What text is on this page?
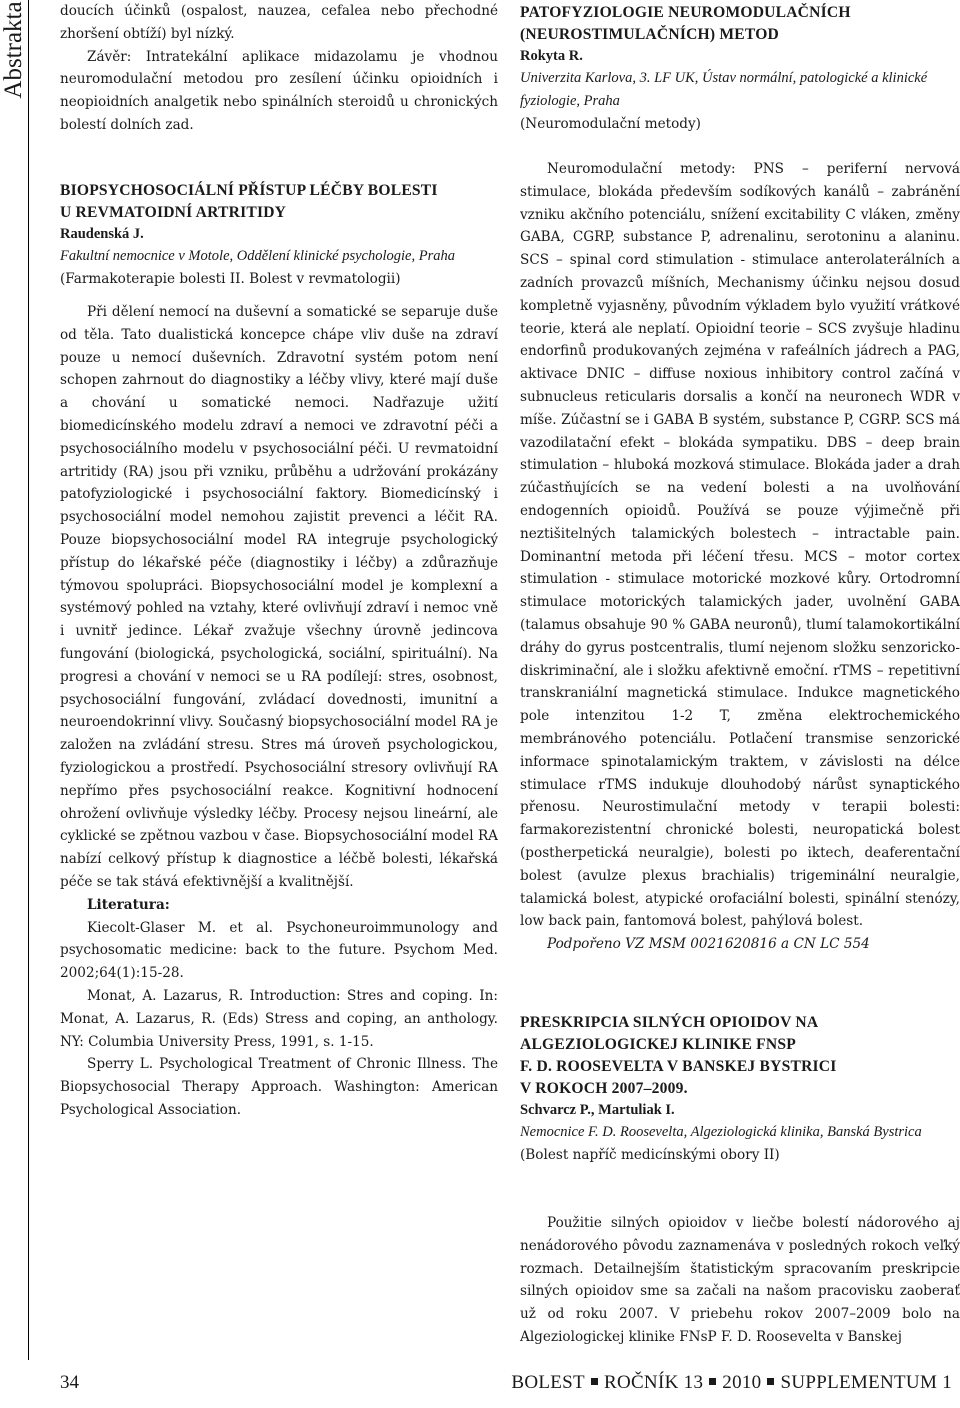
Abstrakta doucích účinků (ospalost, nauzea, cefalea nebo přechodné zhoršení obtíží) byl nízký.

Závěr: Intratekální aplikace midazolamu je vhodnou neuromodulační metodou pro zesílení účinku opioidních i neopioidních analgetik nebo spinálních steroidů u chronických bolestí dolních zad.

BIOPSYCHOSOCIÁLNÍ PŘÍSTUP LÉČBY BOLESTI
U REVMATOIDNÍ ARTRITIDY
Raudenská J.
Fakultní nemocnice v Motole, Oddělení klinické psychologie, Praha
(Farmakoterapie bolesti II. Bolest v revmatologii)

Při dělení nemocí na duševní a somatické se separuje duše od těla. Tato dualistická koncepce chápe vliv duše na zdraví pouze u nemocí duševních. Zdravotní systém potom není schopen zahrnout do diagnostiky a léčby vlivy, které mají duše a chování u somatické nemoci. Nadřazuje užití biomedicínského modelu zdraví a nemoci ve zdravotní péči a psychosociálního modelu v psychosociální péči. U revmatoidní artritidy (RA) jsou při vzniku, průběhu a udržování prokázány patofyziologické i psychosociální faktory. Biomedicínský i psychosociální model nemohou zajistit prevenci a léčit RA. Pouze biopsychosociální model RA integruje psychologický přístup do lékařské péče (diagnostiky i léčby) a zdůrazňuje týmovou spolupráci. Biopsychosociální model je komplexní a systémový pohled na vztahy, které ovlivňují zdraví i nemoc vně i uvnitř jedince. Lékař zvažuje všechny úrovně jedincova fungování (biologická, psychologická, sociální, spirituální). Na progresi a chování v nemoci se u RA podílejí: stres, osobnost, psychosociální fungování, zvládací dovednosti, imunitní a neuroendokrinní vlivy. Současný biopsychosociální model RA je založen na zvládání stresu. Stres má úroveň psychologickou, fyziologickou a prostředí. Psychosociální stresory ovlivňují RA nepřímo přes psychosociální reakce. Kognitivní hodnocení ohrožení ovlivňuje výsledky léčby. Procesy nejsou lineární, ale cyklické se zpětnou vazbou v čase. Biopsychosociální model RA nabízí celkový přístup k diagnostice a léčbě bolesti, lékařská péče se tak stává efektivnější a kvalitnější.

Literatura:

Kiecolt-Glaser M. et al. Psychoneuroimmunology and psychosomatic medicine: back to the future. Psychom Med. 2002;64(1):15-28.

Monat, A. Lazarus, R. Introduction: Stres and coping. In: Monat, A. Lazarus, R. (Eds) Stress and coping, an anthology. NY: Columbia University Press, 1991, s. 1-15.

Sperry L. Psychological Treatment of Chronic Illness. The Biopsychosocial Therapy Approach. Washington: American Psychological Association.

PATOFYZIOLOGIE NEUROMODULAČNÍCH
(NEUROSTIMULAČNÍCH) METOD
Rokyta R.
Univerzita Karlova, 3. LF UK, Ústav normální, patologické a klinické fyziologie, Praha
(Neuromodulační metody)

Neuromodulační metody: PNS – periferní nervová stimulace, blokáda především sodíkových kanálů – zabránění vzniku akčního potenciálu, snížení excitability C vláken, změny GABA, CGRP, substance P, adrenalinu, serotoninu a alaninu. SCS – spinal cord stimulation - stimulace anterolaterálních a zadních provazců míšních, Mechanismy účinku nejsou dosud kompletně vyjasněny, původním výkladem bylo využití vrátkové teorie, která ale neplatí. Opioidní teorie – SCS zvyšuje hladinu endorfinů produkovaných zejména v rafeálních jádrech a PAG, aktivace DNIC – diffuse noxious inhibitory control začíná v subnucleus reticularis dorsalis a končí na neuronech WDR v míše. Zúčastní se i GABA B systém, substance P, CGRP. SCS má vazodilatační efekt – blokáda sympatiku. DBS – deep brain stimulation – hluboká mozková stimulace. Blokáda jader a drah zúčastňujících se na vedení bolesti a na uvolňování endogenních opioidů. Používá se pouze výjimečně při neztišitelných talamických bolestech – intractable pain. Dominantní metoda při léčení třesu. MCS – motor cortex stimulation - stimulace motorické mozkové kůry. Ortodromní stimulace motorických talamických jader, uvolnění GABA (talamus obsahuje 90 % GABA neuronů), tlumí talamokortikální dráhy do gyrus postcentralis, tlumí nejenom složku senzoricko-diskriminační, ale i složku afektivně emoční. rTMS – repetitivní transkraniální magnetická stimulace. Indukce magnetického pole intenzitou 1-2 T, změna elektrochemického membránového potenciálu. Potlačení transmise senzorické informace spinotalamickým traktem, v závislosti na délce stimulace rTMS indukuje dlouhodobý nárůst synaptického přenosu. Neurostimulační metody v terapii bolesti: farmakorezistentní chronické bolesti, neuropatická bolest (postherpetická neuralgie), bolesti po iktech, deaferentační bolest (avulze plexus brachialis) trigeminální neuralgie, talamická bolest, atypické orofaciální bolesti, spinální stenózy, low back pain, fantomová bolest, pahýlová bolest.

Podpořeno VZ MSM 0021620816 a CN LC 554

PRESKRIPCIA SILNÝCH OPIOIDOV NA
ALGEZIOLOGICKEJ KLINIKE FNSP
F. D. ROOSEVELTA V BANSKEJ BYSTRICI
V ROKOCH 2007–2009.
Schvarcz P., Martuliak I.
Nemocnice F. D. Roosevelta, Algeziologická klinika, Banská Bystrica
(Bolest napříč medicínskými obory II)

Použitie silných opioidov v liečbe bolestí nádorového aj nenádorového pôvodu zaznamenáva v posledných rokoch veľký rozmach. Detailnejším štatistickým spracovaním preskripcie silných opioidov sme sa začali na našom pracovisku zaoberať už od roku 2007. V priebehu rokov 2007–2009 bolo na Algeziologickej klinike FNsP F. D. Roosevelta v Banskej

34	BOLEST ROČNÍK 13 2010 SUPPLEMENTUM 1
